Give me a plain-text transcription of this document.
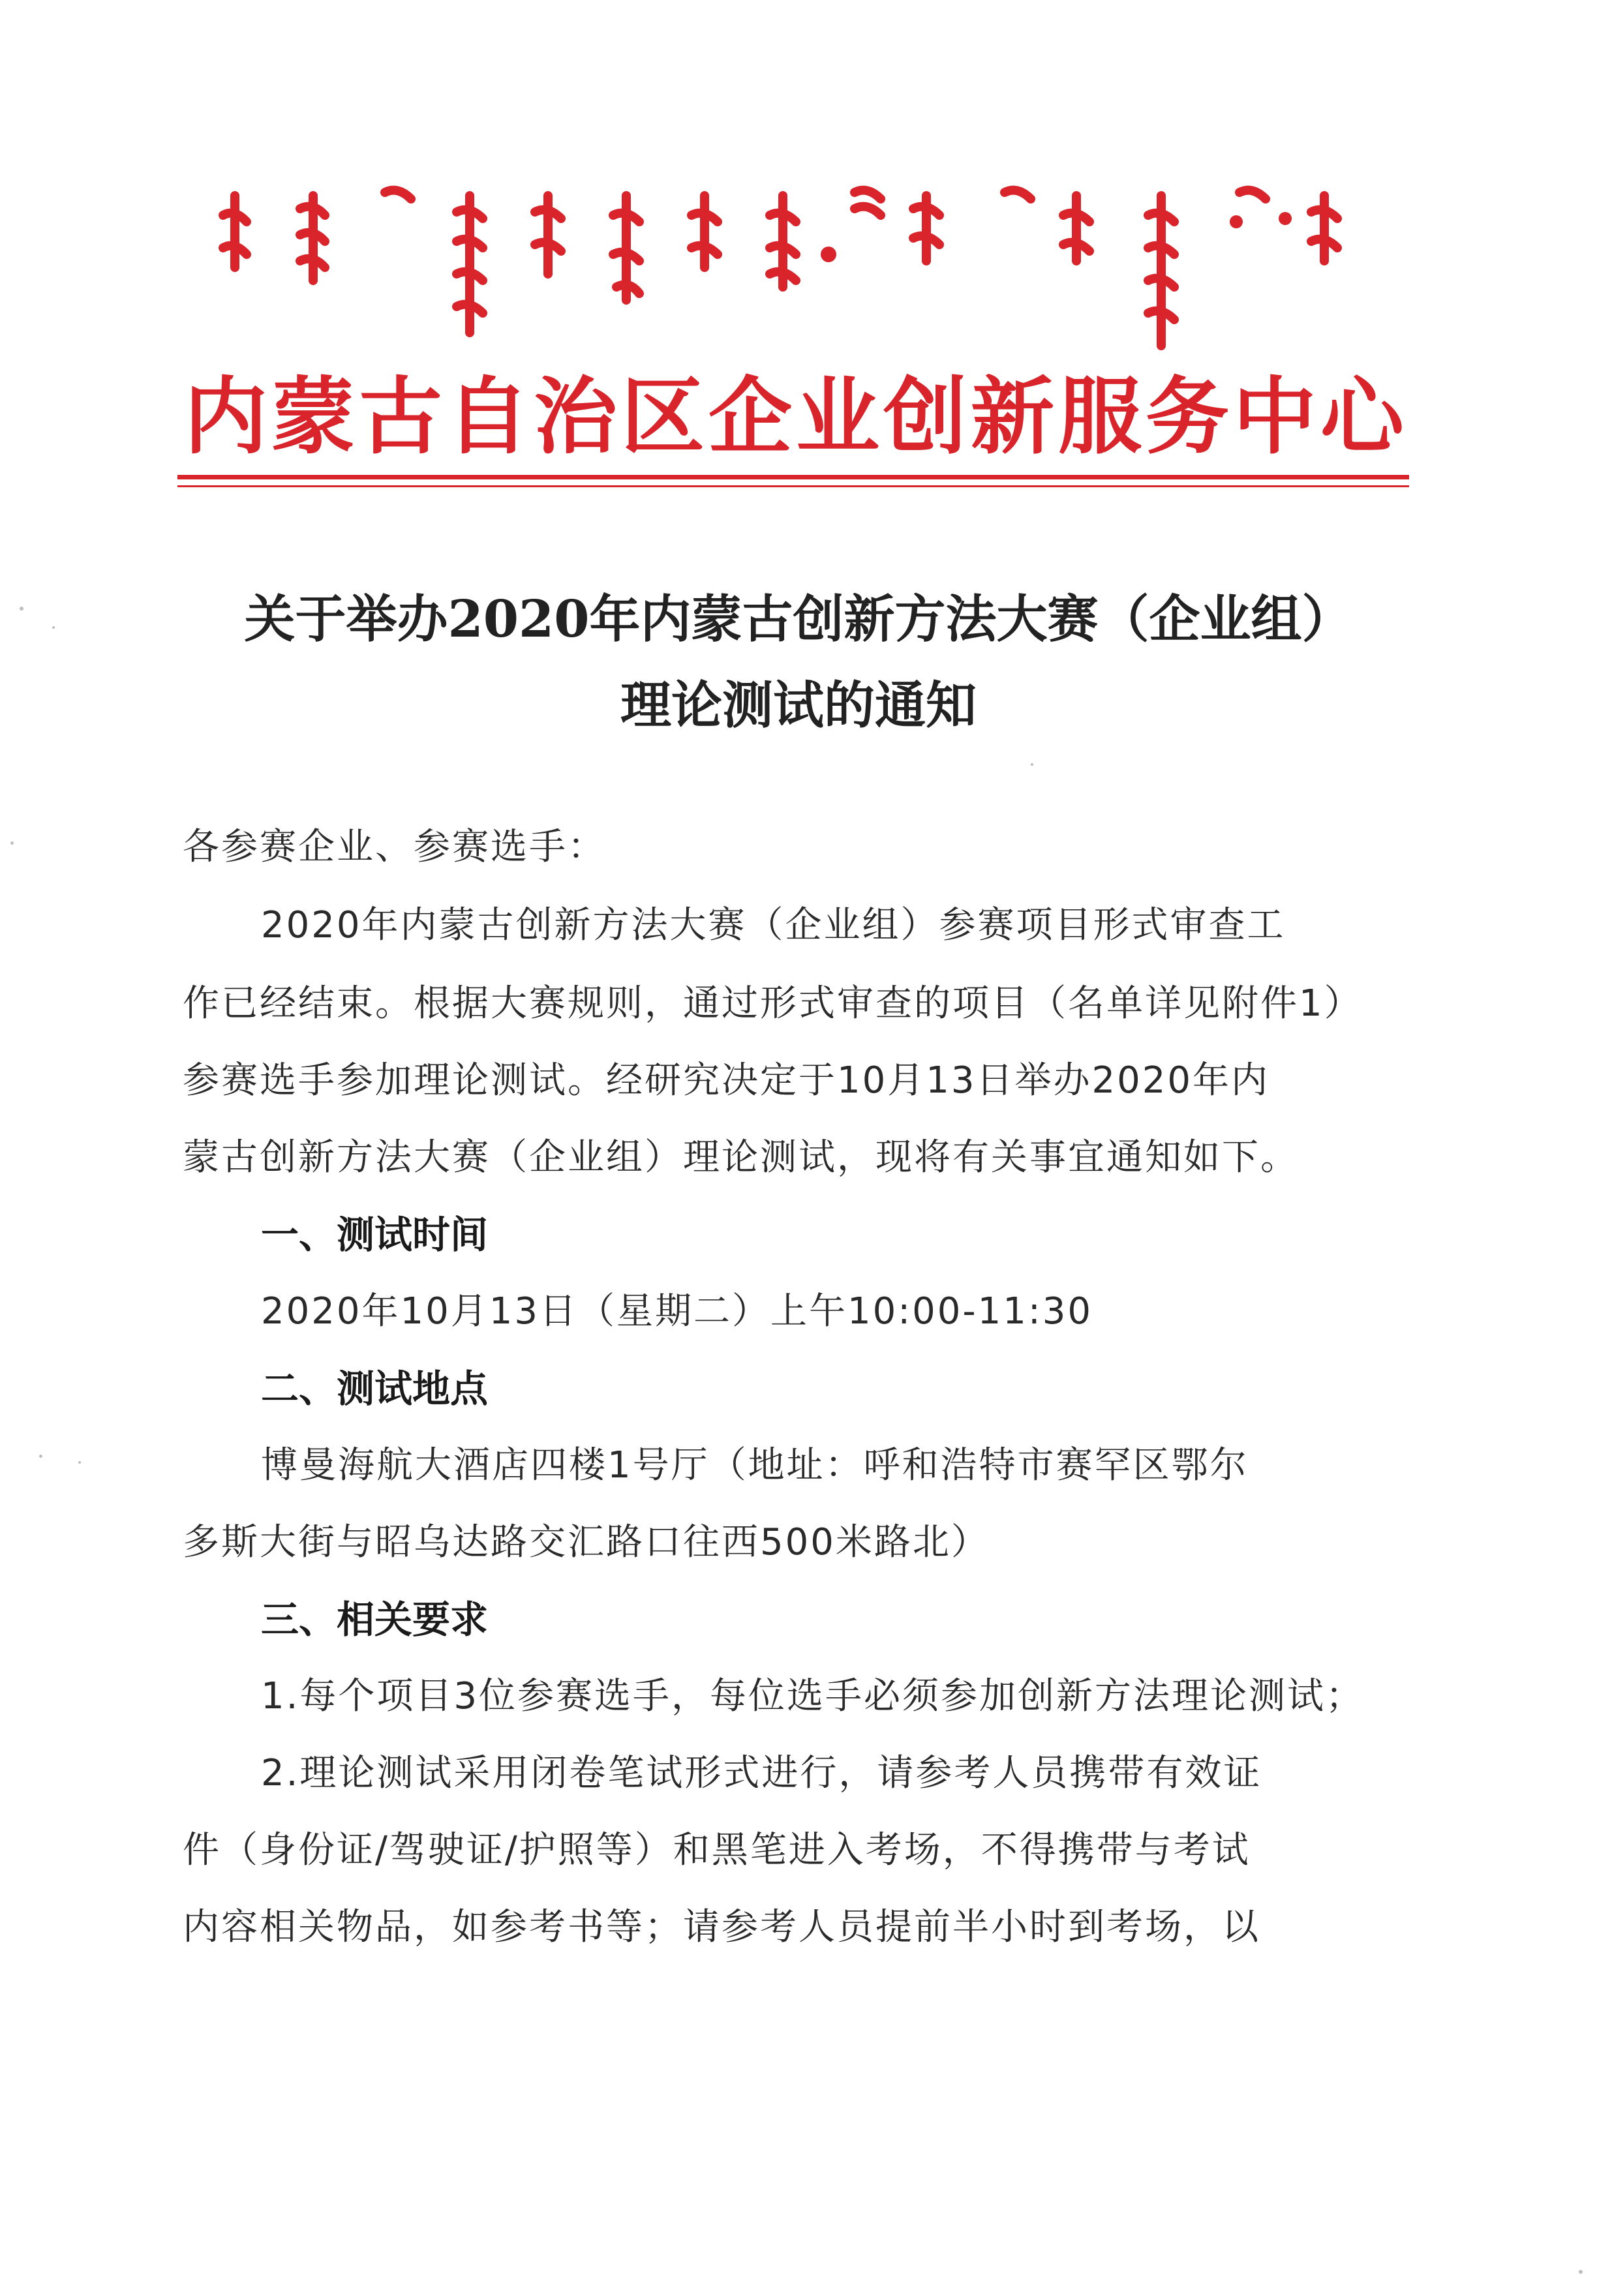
内蒙古自治区企业创新服务中心
关于举办2020年内蒙古创新方法大赛（企业组）
理论测试的通知
各参赛企业、参赛选手：
2020年内蒙古创新方法大赛（企业组）参赛项目形式审查工
作已经结束。根据大赛规则，通过形式审查的项目（名单详见附件1）
参赛选手参加理论测试。经研究决定于10月13日举办2020年内
蒙古创新方法大赛（企业组）理论测试，现将有关事宜通知如下。
一、测试时间
2020年10月13日（星期二）上午10:00-11:30
二、测试地点
博曼海航大酒店四楼1号厅（地址：呼和浩特市赛罕区鄂尔
多斯大街与昭乌达路交汇路口往西500米路北）
三、相关要求
1.每个项目3位参赛选手，每位选手必须参加创新方法理论测试；
2.理论测试采用闭卷笔试形式进行，请参考人员携带有效证
件（身份证/驾驶证/护照等）和黑笔进入考场，不得携带与考试
内容相关物品，如参考书等；请参考人员提前半小时到考场，以
